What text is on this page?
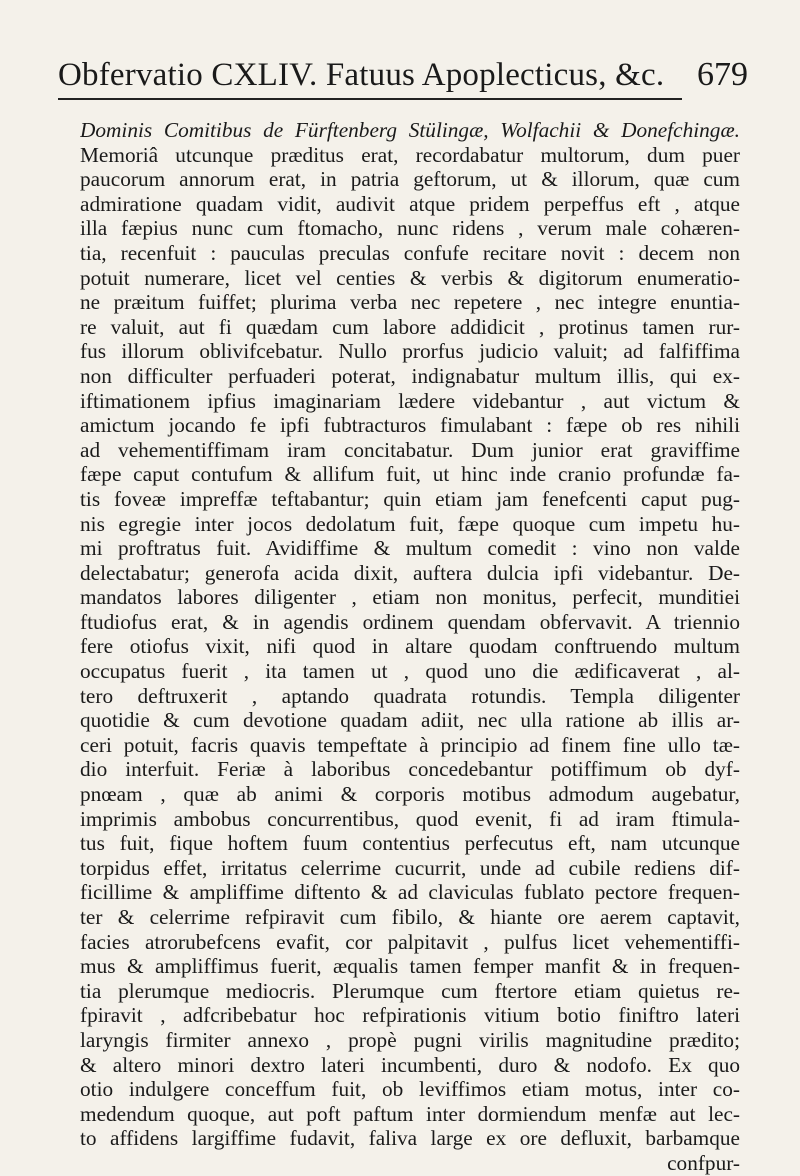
Obfervatio CXLIV. Fatuus Apoplecticus, &c. 679
Dominis Comitibus de Fürftenberg Stülingæ, Wolfachii & Donefchingæ.
Memoriâ utcunque præditus erat, recordabatur multorum, dum puer
paucorum annorum erat, in patria geftorum, ut & illorum, quæ cum
admiratione quadam vidit, audivit atque pridem perpeffus eft , atque
illa fæpius nunc cum ftomacho, nunc ridens , verum male cohæren-
tia, recenfuit : pauculas preculas confufe recitare novit : decem non
potuit numerare, licet vel centies & verbis & digitorum enumeratio-
ne præitum fuiffet; plurima verba nec repetere , nec integre enuntia-
re valuit, aut fi quædam cum labore addidicit , protinus tamen rur-
fus illorum oblivifcebatur. Nullo prorfus judicio valuit; ad falfiffima
non difficulter perfuaderi poterat, indignabatur multum illis, qui ex-
iftimationem ipfius imaginariam lædere videbantur , aut victum &
amictum jocando fe ipfi fubtracturos fimulabant : fæpe ob res nihili
ad vehementiffimam iram concitabatur. Dum junior erat graviffime
fæpe caput contufum & allifum fuit, ut hinc inde cranio profundæ fa-
tis foveæ impreffæ teftabantur; quin etiam jam fenefcenti caput pug-
nis egregie inter jocos dedolatum fuit, fæpe quoque cum impetu hu-
mi proftratus fuit. Avidiffime & multum comedit : vino non valde
delectabatur; generofa acida dixit, auftera dulcia ipfi videbantur. De-
mandatos labores diligenter , etiam non monitus, perfecit, munditiei
ftudiofus erat, & in agendis ordinem quendam obfervavit. A triennio
fere otiofus vixit, nifi quod in altare quodam conftruendo multum
occupatus fuerit , ita tamen ut , quod uno die ædificaverat , al-
tero deftruxerit , aptando quadrata rotundis. Templa diligenter
quotidie & cum devotione quadam adiit, nec ulla ratione ab illis ar-
ceri potuit, facris quavis tempeftate à principio ad finem fine ullo tæ-
dio interfuit. Feriæ à laboribus concedebantur potiffimum ob dyf-
pnœam , quæ ab animi & corporis motibus admodum augebatur,
imprimis ambobus concurrentibus, quod evenit, fi ad iram ftimula-
tus fuit, fique hoftem fuum contentius perfecutus eft, nam utcunque
torpidus effet, irritatus celerrime cucurrit, unde ad cubile rediens dif-
ficillime & ampliffime diftento & ad claviculas fublato pectore frequen-
ter & celerrime refpiravit cum fibilo, & hiante ore aerem captavit,
facies atrorubefcens evafit, cor palpitavit , pulfus licet vehementiffi-
mus & ampliffimus fuerit, æqualis tamen femper manfit & in frequen-
tia plerumque mediocris. Plerumque cum ftertore etiam quietus re-
fpiravit , adfcribebatur hoc refpirationis vitium botio finiftro lateri
laryngis firmiter annexo , propè pugni virilis magnitudine prædito;
& altero minori dextro lateri incumbenti, duro & nodofo. Ex quo
otio indulgere conceffum fuit, ob leviffimos etiam motus, inter co-
medendum quoque, aut poft paftum inter dormiendum menfæ aut lec-
to affidens largiffime fudavit, faliva large ex ore defluxit, barbamque
confpur-
